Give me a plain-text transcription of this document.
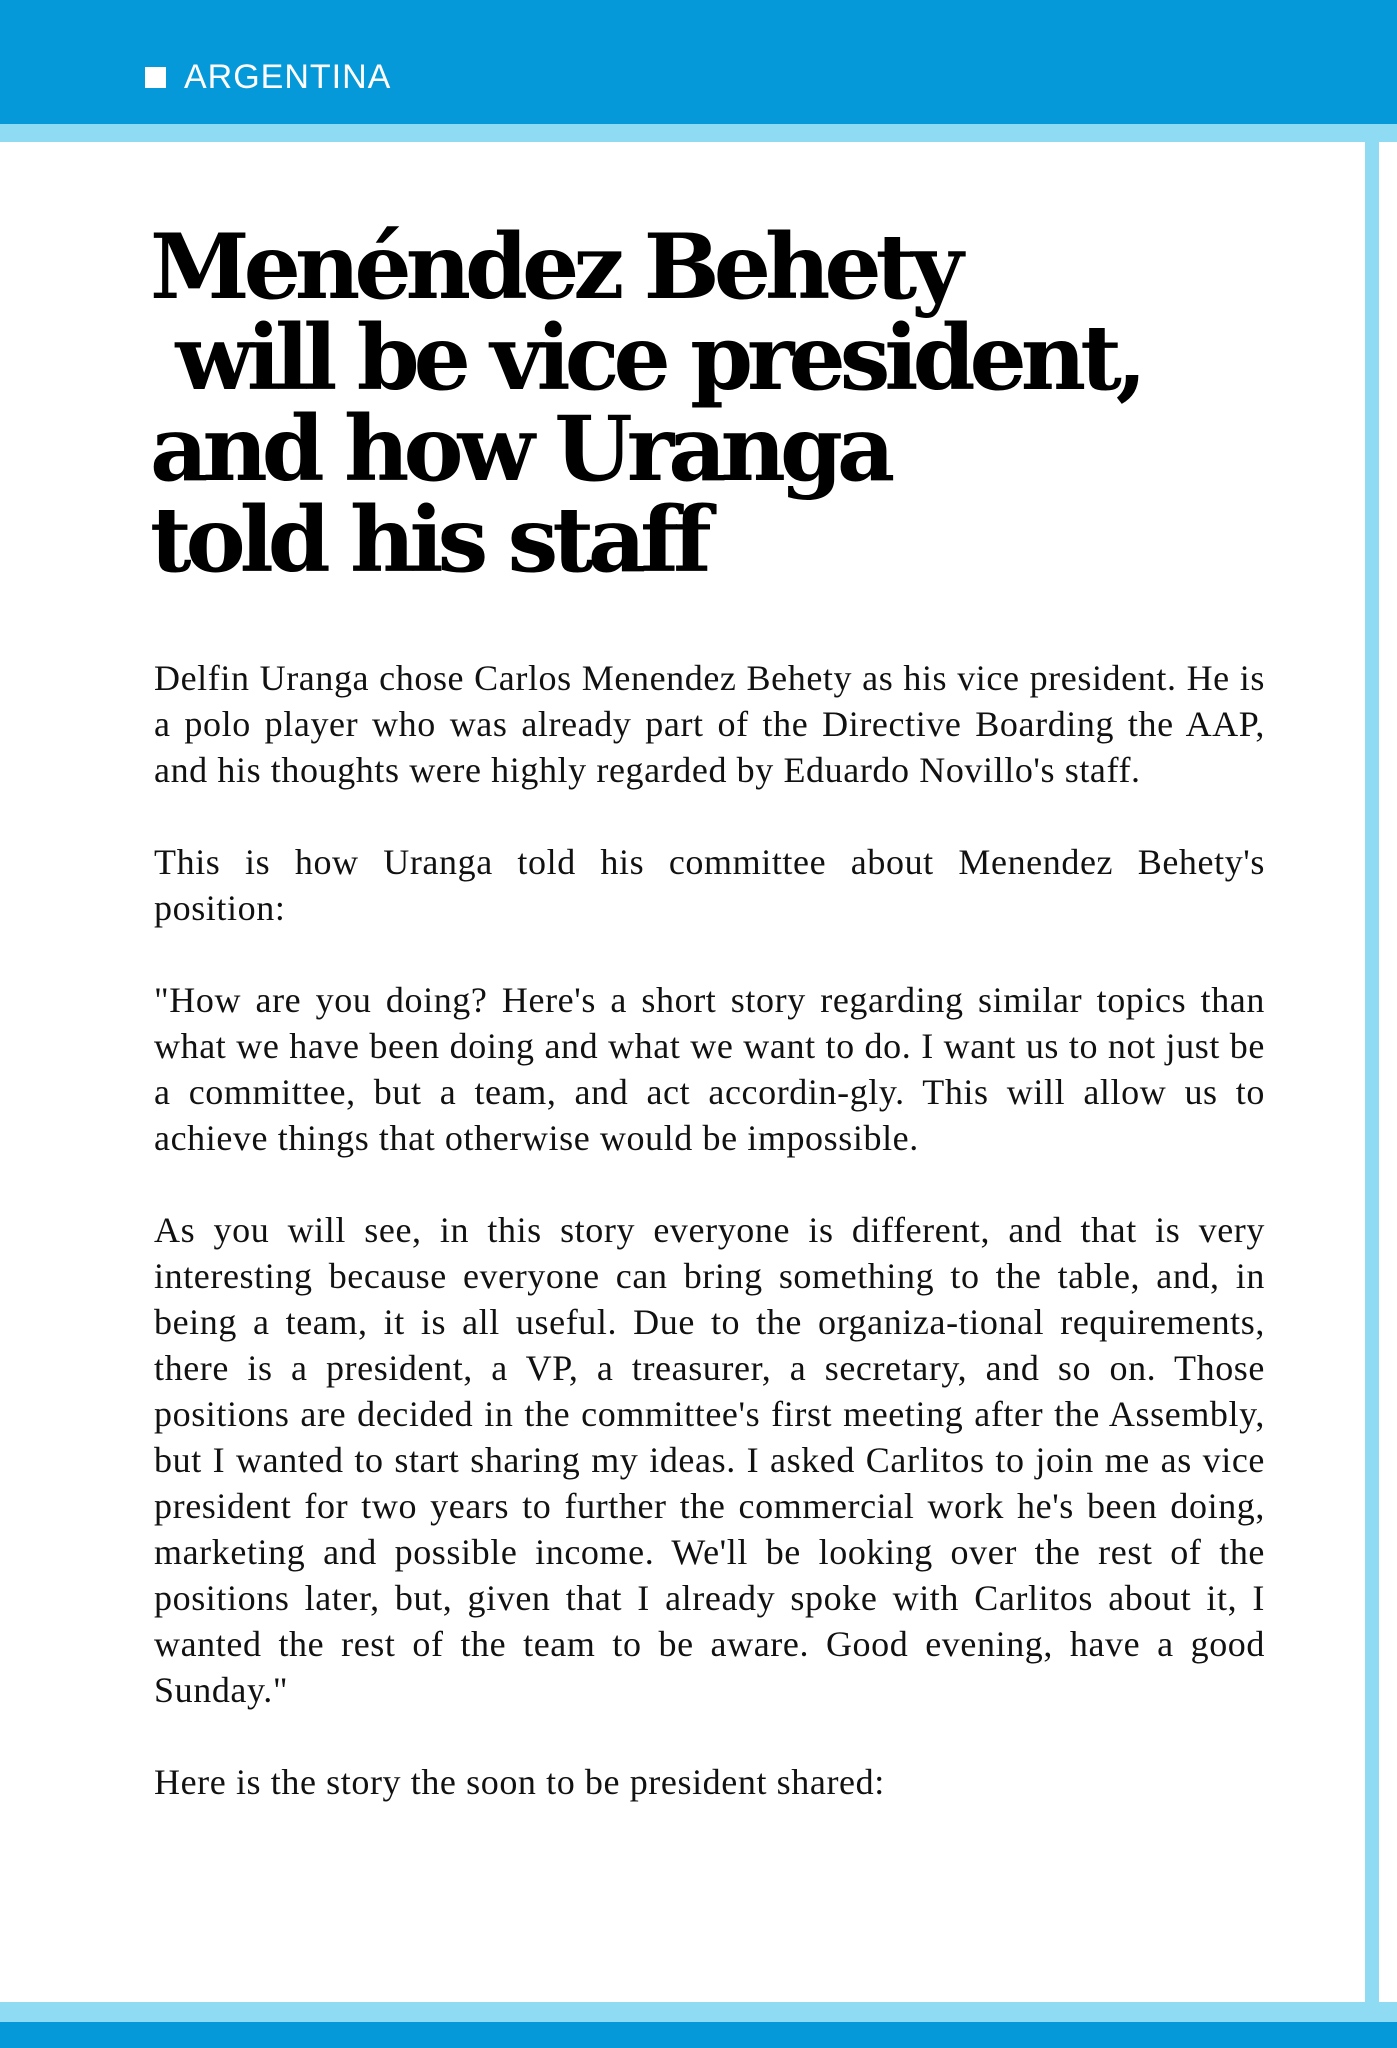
ARGENTINA
Menéndez Behety
will be vice president,
and how Uranga
told his staff

Delfin Uranga chose Carlos Menendez Behety as his vice president. He is a polo player who was already part of the Directive Boarding the AAP, and his thoughts were highly regarded by Eduardo Novillo's staff.

This is how Uranga told his committee about Menendez Behety's position:

"How are you doing? Here's a short story regarding similar topics than what we have been doing and what we want to do. I want us to not just be a committee, but a team, and act accordin-gly. This will allow us to achieve things that otherwise would be impossible.

As you will see, in this story everyone is different, and that is very interesting because everyone can bring something to the table, and, in being a team, it is all useful. Due to the organiza-tional requirements, there is a president, a VP, a treasurer, a secretary, and so on. Those positions are decided in the committee's first meeting after the Assembly, but I wanted to start sharing my ideas. I asked Carlitos to join me as vice president for two years to further the commercial work he's been doing, marketing and possible income. We'll be looking over the rest of the positions later, but, given that I already spoke with Carlitos about it, I wanted the rest of the team to be aware. Good evening, have a good Sunday."

Here is the story the soon to be president shared:
